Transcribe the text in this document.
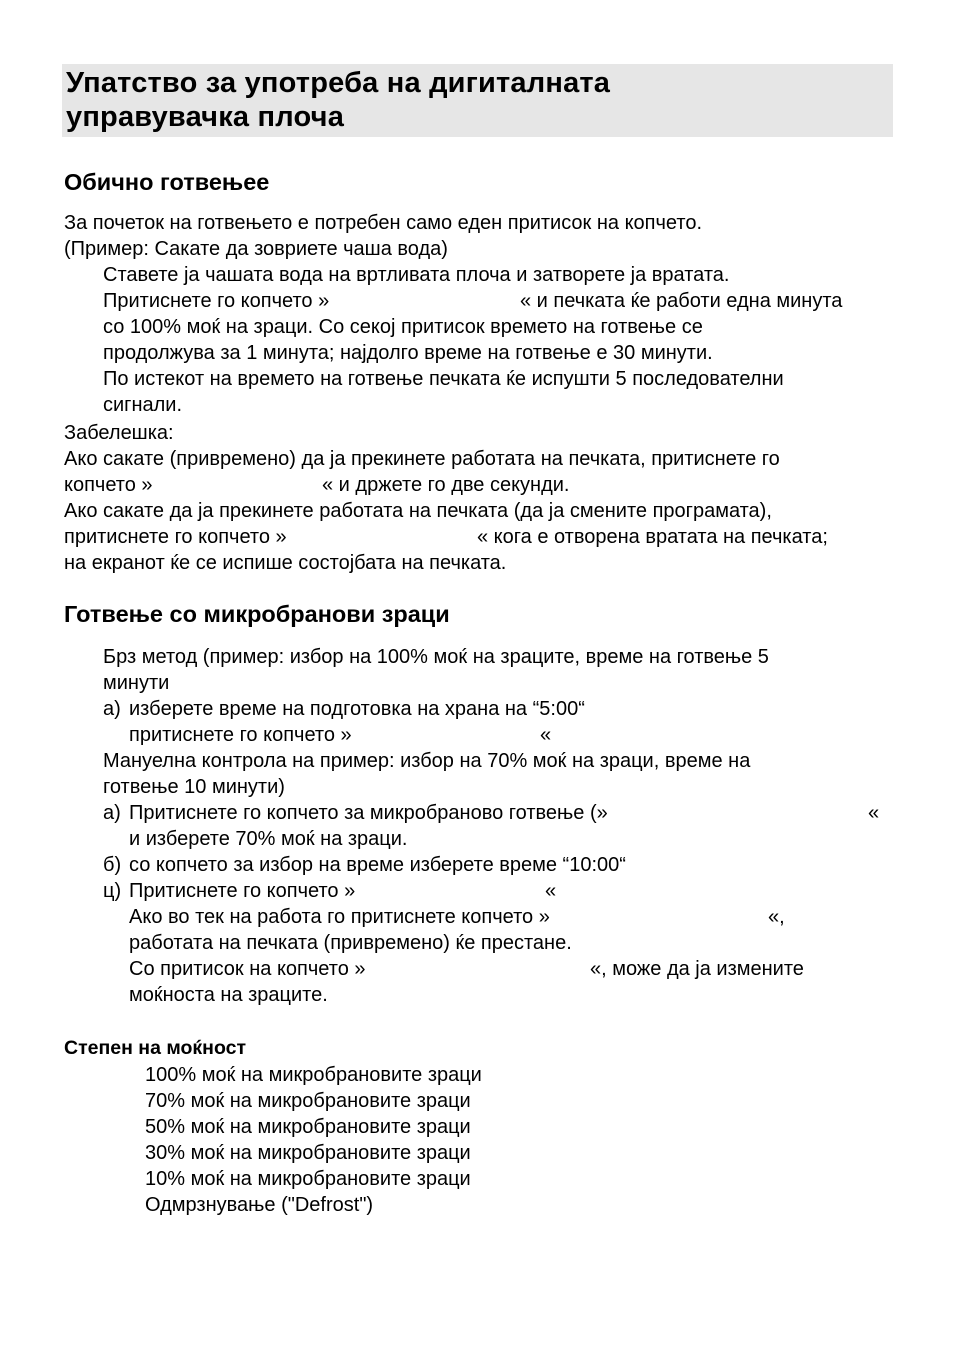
Упатство за употреба на дигиталната
управувачка плоча
Обично готвењее
За почеток на готвењето е потребен само еден притисок на копчето.
(Пример: Сакате да зовриете чаша вода)
Ставете ја чашата вода на вртливата плоча и затворете ја вратата.
Притиснете го копчето »	« и печката ќе работи една минута
со 100% моќ на зраци. Со секој притисок времето на готвење се
продолжува за 1 минута; најдолго време на готвење е 30 минути.
По истекот на времето на готвење печката ќе испушти 5 последователни
сигнали.
Забелешка:
Ако сакате (привремено) да ја прекинете работата на печката, притиснете го
копчето »	« и држете го две секунди.
Ако сакате да ја прекинете работата на печката (да ја смените програмата),
притиснете го копчето »	« кога е отворена вратата на печката;
на екранот ќе се испише состојбата на печката.
Готвење со микробранови зраци
Брз метод (пример: избор на 100% моќ на зраците, време на готвење 5
минути
а) избeрете време на подготовка на храна на “5:00“
притиснете го копчето »	«
Мануелна контрола на пример: избор на 70% моќ на зраци, време на
готвење 10 минути)
а) Притиснете го копчето за микробраново готвење (»	«
и изберете 70% моќ на зраци.
б) со копчето за избор на време изберете време “10:00“
ц) Притиснете го копчето »	«
Ако во тек на работа го притиснете копчето »	«,
работата на печката (привремено) ќе престане.
Со притисок на копчето »	«, може да ја измените
моќноста на зраците.
Степен на моќност
100% моќ на микробрановите зраци
70% моќ на микробрановите зраци
50% моќ на микробрановите зраци
30% моќ на микробрановите зраци
10% моќ на микробрановите зраци
Одмрзнување ("Defrost")
